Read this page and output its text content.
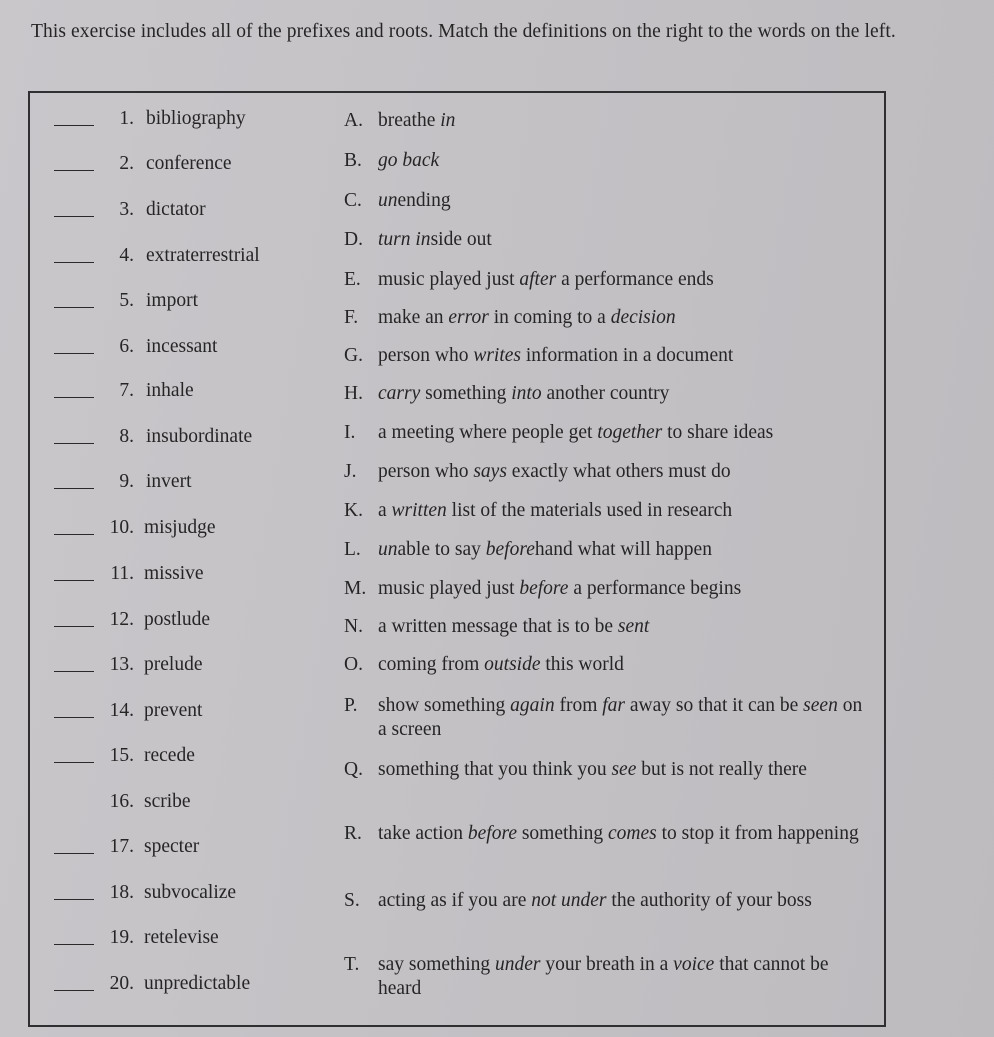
This exercise includes all of the prefixes and roots. Match the definitions on the right to the words on the left.
1. bibliography
2. conference
3. dictator
4. extraterrestrial
5. import
6. incessant
7. inhale
8. insubordinate
9. invert
10. misjudge
11. missive
12. postlude
13. prelude
14. prevent
15. recede
16. scribe
17. specter
18. subvocalize
19. retelevise
20. unpredictable
A. breathe in
B. go back
C. unending
D. turn inside out
E. music played just after a performance ends
F.	make an error in coming to a decision
G. person who writes information in a document
H. carry something into another country
I.	a meeting where people get together to share ideas
J.	person who says exactly what others must do
K. a written list of the materials used in research
L. unable to say beforehand what will happen
M. music played just before a performance begins
N. a written message that is to be sent
O. coming from outside this world
P.	show something again from far away so that it can be seen on a screen
Q. something that you think you see but is not really there
R. take action before something comes to stop it from happening
S. acting as if you are not under the authority of your boss
T. say something under your breath in a voice that cannot be heard
